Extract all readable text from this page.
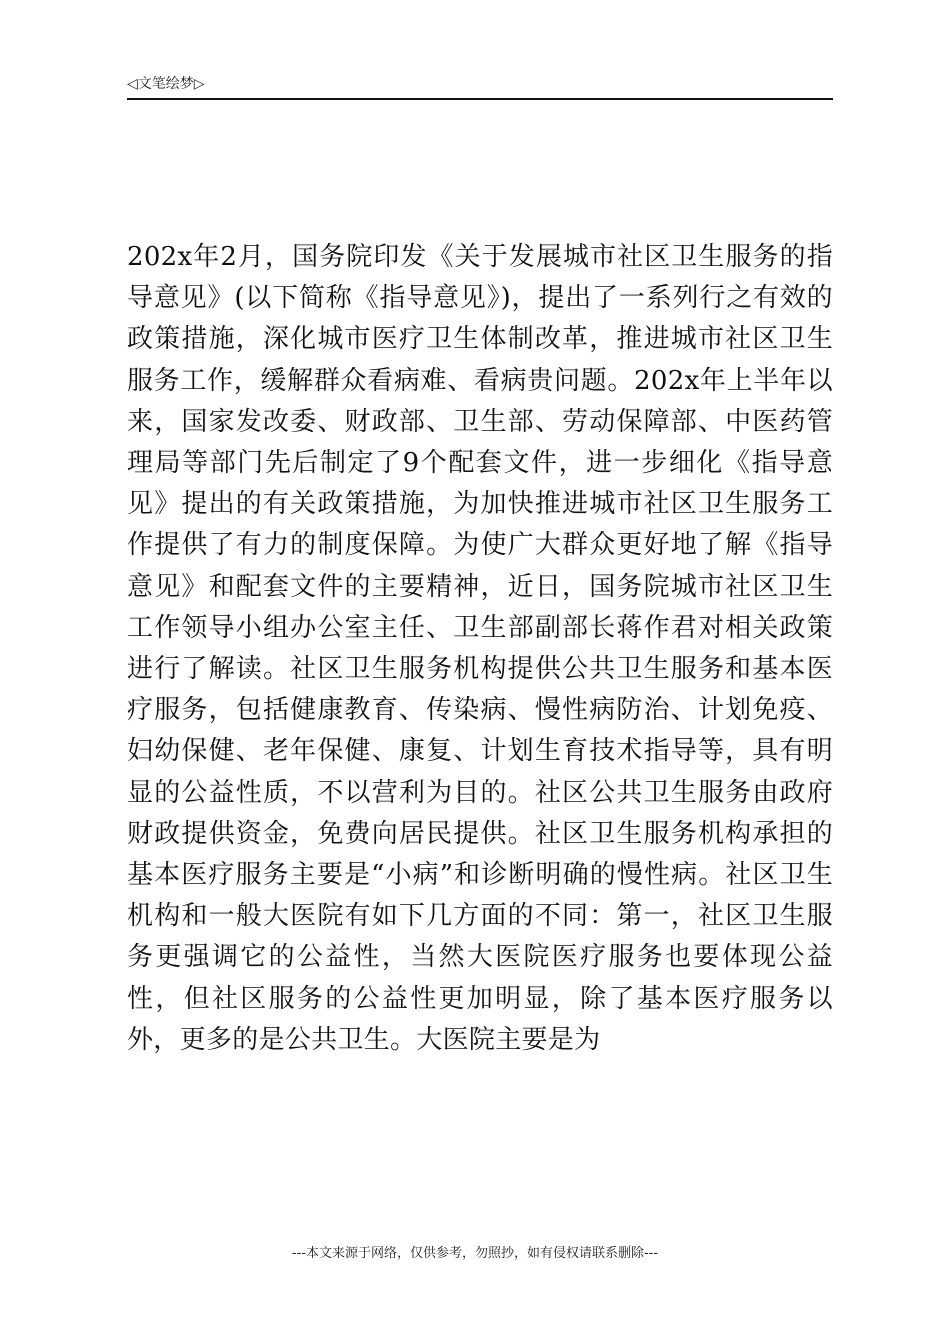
◁文笔绘梦▷

202x年2月，国务院印发《关于发展城市社区卫生服务的指导意见》(以下简称《指导意见》)，提出了一系列行之有效的政策措施，深化城市医疗卫生体制改革，推进城市社区卫生服务工作，缓解群众看病难、看病贵问题。202x年上半年以来，国家发改委、财政部、卫生部、劳动保障部、中医药管理局等部门先后制定了9个配套文件，进一步细化《指导意见》提出的有关政策措施，为加快推进城市社区卫生服务工作提供了有力的制度保障。为使广大群众更好地了解《指导意见》和配套文件的主要精神，近日，国务院城市社区卫生工作领导小组办公室主任、卫生部副部长蒋作君对相关政策进行了解读。社区卫生服务机构提供公共卫生服务和基本医疗服务，包括健康教育、传染病、慢性病防治、计划免疫、妇幼保健、老年保健、康复、计划生育技术指导等，具有明显的公益性质，不以营利为目的。社区公共卫生服务由政府财政提供资金，免费向居民提供。社区卫生服务机构承担的基本医疗服务主要是“小病”和诊断明确的慢性病。社区卫生机构和一般大医院有如下几方面的不同：第一，社区卫生服务更强调它的公益性，当然大医院医疗服务也要体现公益性，但社区服务的公益性更加明显，除了基本医疗服务以外，更多的是公共卫生。大医院主要是为

---本文来源于网络，仅供参考，勿照抄，如有侵权请联系删除---
